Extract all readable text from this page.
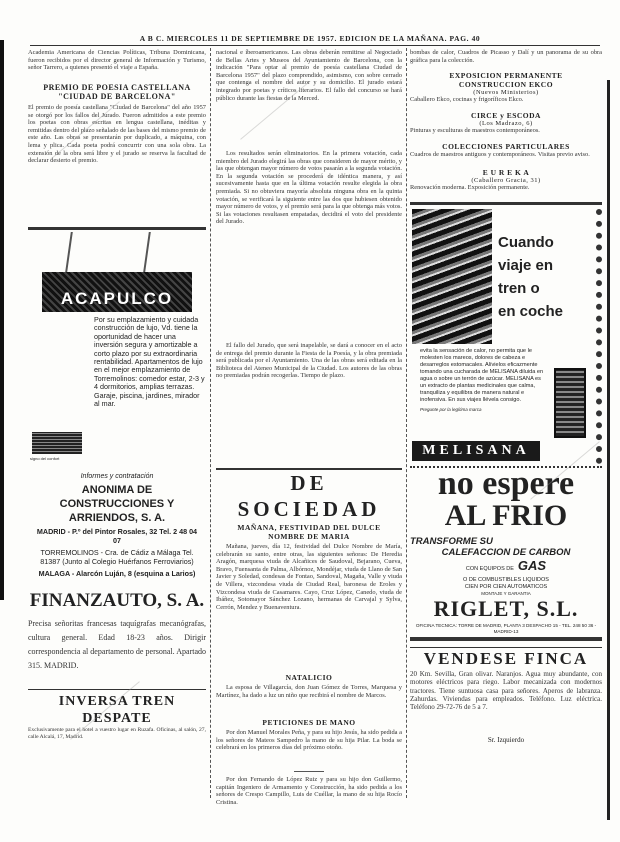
A B C. MIERCOLES 11 DE SEPTIEMBRE DE 1957. EDICION DE LA MAÑANA. PAG. 40
Academia Americana de Ciencias Políticas, Tribuna Dominicana, fueron recibidos por el director general de Información y Turismo, señor Tarrero, a quienes presentó el viaje a España.
PREMIO DE POESIA CASTELLANA "CIUDAD DE BARCELONA"
El premio de poesía castellana "Ciudad de Barcelona" del año 1957 se otorgó por los fallos del Jurado. Fueron admitidos a este premio los poetas con obras escritas en lengua castellana, inéditas y remitidas dentro del plazo señalado de las bases del mismo premio de este año. Las obras se presentarán por duplicado, a máquina, con lema y plica. Cada poeta podrá concurrir con una sola obra. La extensión de la obra será libre y el jurado se reserva la facultad de declarar desierto el premio.
ACAPULCO
Por su emplazamiento y cuidada construcción de lujo, Vd. tiene la oportunidad de hacer una inversión segura y amortizable a corto plazo por su extraordinaria rentabilidad. Apartamentos de lujo en el mejor emplazamiento de Torremolinos: comedor estar, 2-3 y 4 dormitorios, amplias terrazas. Garaje, piscina, jardines, mirador al mar.
signo del confort
Informes y contratación
ANONIMA DE CONSTRUCCIONES Y ARRIENDOS, S. A.
MADRID - P.º del Pintor Rosales, 32 Tel. 2 48 04 07
TORREMOLINOS - Cra. de Cádiz a Málaga Tel. 81387 (Junto al Colegio Huérfanos Ferroviarios)
MALAGA - Alarcón Luján, 8 (esquina a Larios)
FINANZAUTO, S. A.
Precisa señoritas francesas taquígrafas mecanógrafas, cultura general. Edad 18-23 años. Dirigir correspondencia al departamento de personal. Apartado 315. MADRID.
INVERSA TREN DESPATE
Exclusivamente para el hotel a vuestro lugar en Ruzafa. Oficinas, al salón, 27, calle Alcalá, 17, Madrid.
nacional e íberoamericanos. Las obras deberán remitirse al Negociado de Bellas Artes y Museos del Ayuntamiento de Barcelona, con la indicación "Para optar al premio de poesía castellana Ciudad de Barcelona 1957" del plazo comprendido, asimismo, con sobre cerrado que contenga el nombre del autor y su domicilio. El jurado estará integrado por poetas y críticos literarios. El fallo del concurso se hará público durante las fiestas de la Merced.
Los resultados serán eliminatorios. En la primera votación, cada miembro del Jurado elegirá las obras que consideren de mayor mérito, y las que obtengan mayor número de votos pasarán a la segunda votación. En la segunda votación se procederá de idéntica manera, y así sucesivamente hasta que en la última votación resulte elegida la obra premiada. Si no obtuviera mayoría absoluta ninguna obra en la quinta votación, se verificará la siguiente entre las dos que hubiesen obtenido mayor número de votos, y el premio será para la que obtenga más votos. Si las votaciones resultasen empatadas, decidirá el voto del presidente del Jurado.
El fallo del Jurado, que será inapelable, se dará a conocer en el acto de entrega del premio durante la Fiesta de la Poesía, y la obra premiada será publicada por el Ayuntamiento. Una de las obras será editada en la Biblioteca del Ateneo Municipal de la Ciudad. Los autores de las obras no premiadas podrán recogerlas. Tiempo de plazo.
DE SOCIEDAD
MAÑANA, FESTIVIDAD DEL DULCE NOMBRE DE MARIA
Mañana, jueves, día 12, festividad del Dulce Nombre de María, celebrarán su santo, entre otras, las siguientes señoras: De Heredia Aragón, marquesa viuda de Alcañices de Saudoval, Bejarano, Cueva, Bravo, Fuensanta de Palma, Albórnoz, Mondéjar, viuda de Llano de San Javier y Soledad, condesas de Fontao, Sandoval, Magaña, Valle y viuda de Villera, vizcondesa viuda de Ciudad Real, baronesa de Eroles y Vizcondesa viuda de Casamares. Cayo, Cruz López, Canedo, viuda de Ibáñez, Sotomayor Sánchez Lozano, hermanas de Carvajal y Sylva, Cerrón, Mendez y Buenaventura.
NATALICIO
La esposa de Villagarcía, don Juan Gómez de Torres, Marquesa y Martínez, ha dado a luz un niño que recibirá el nombre de Marcos.
PETICIONES DE MANO
Por don Manuel Morales Peña, y para su hijo Jesús, ha sido pedida a los señores de Mateos Sampedro la mano de su hija Pilar. La boda se celebrará en los primeros días del próximo otoño.
Por don Fernando de López Ruiz y para su hijo don Guillermo, capitán Ingeniero de Armamento y Construcción, ha sido pedida a los señores de Crespo Campillo, Luis de Cuéllar, la mano de su hija Rocío Cristina.
bombas de calor, Cuadros de Picasso y Dalí y un panorama de su obra gráfica para la colección.
EXPOSICION PERMANENTE CONSTRUCCION EKCO
(Nuevos Ministerios)
Caballero Ekco, cocinas y frigoríficos Ekco.
CIRCE y ESCODA
(Los Madrazo, 6)
Pinturas y esculturas de maestros contemporáneos.
COLECCIONES PARTICULARES
Cuadros de maestros antiguos y contemporáneos. Visitas previo aviso.
E U R E K A
(Caballero Gracia, 31)
Renovación moderna. Exposición permanente.
Cuando
viaje en
tren o
en coche
evita la sensación de calor, no permita que le molesten los mareos, dolores de cabeza e desarreglos estomacales. Alívielos eficazmente tomando una cucharada de MELISANA diluida en agua o sobre un terrón de azúcar. MELISANA es un extracto de plantas medicinales que calma, tranquiliza y equilibra de manera natural e inofensiva. En sus viajes llévela consigo.
Pregunte por la legítima marca
MELISANA
no espere
AL FRIO
TRANSFORME SU
CALEFACCION DE CARBON
CON EQUIPOS DE GAS
O DE COMBUSTIBLES LIQUIDOS
CIEN POR CIEN AUTOMATICOS
MONTAJE Y GARANTIA
RIGLET, S.L.
OFICINA TECNICA: TORRE DE MADRID, PLANTA 3 DESPACHO 15 - TEL. 248 50 36 - MADRID-13
VENDESE FINCA
20 Km. Sevilla, Gran olivar. Naranjos. Agua muy abundante, con motores eléctricos para riego. Labor mecanizada con modernos tractores. Tiene suntuosa casa para señores. Aperos de labranza. Zahurdas. Viviendas para empleados. Teléfono. Luz eléctrica. Teléfono 29-72-76 de 5 a 7.
Sr. Izquierdo
